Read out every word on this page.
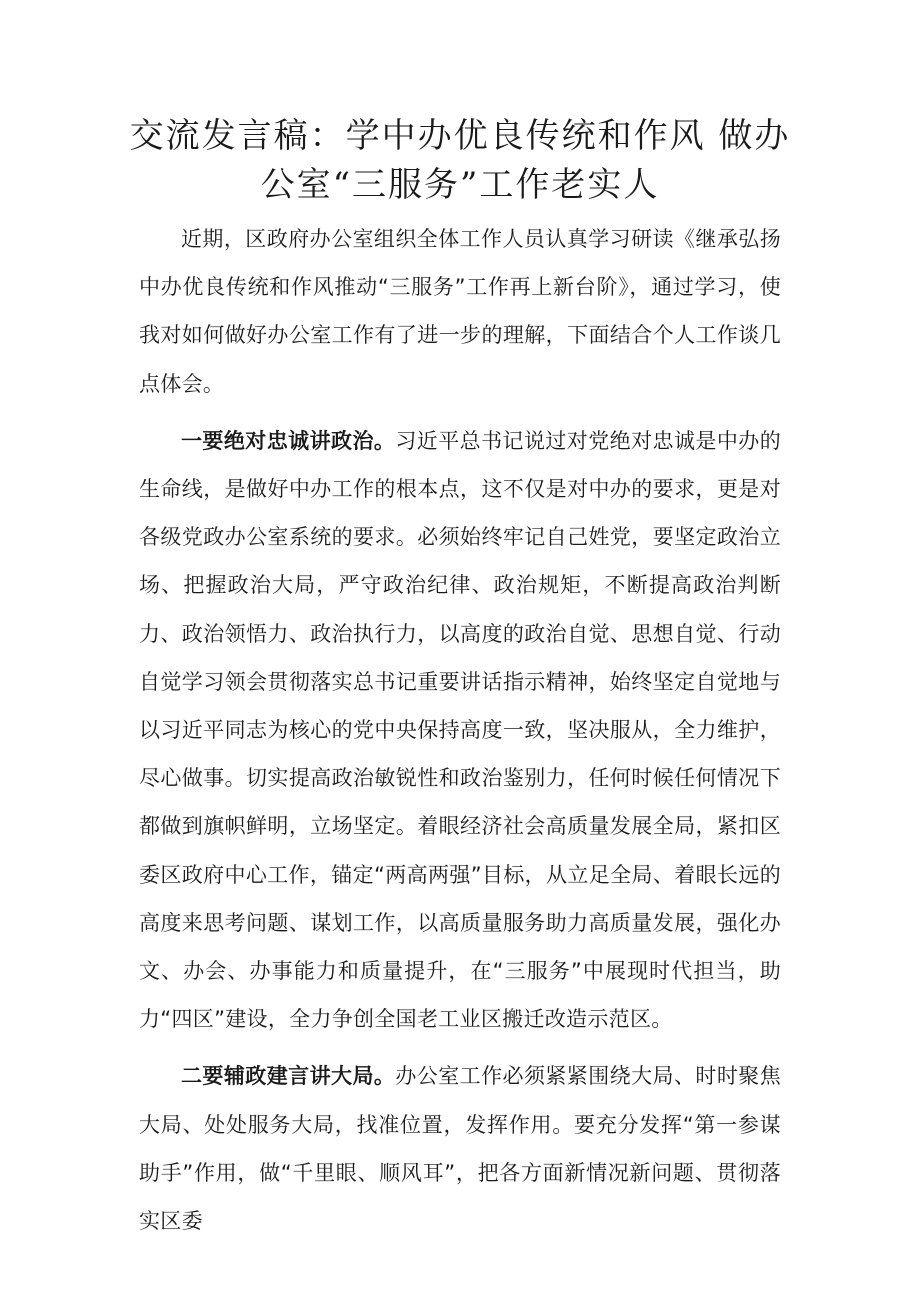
交流发言稿：学中办优良传统和作风 做办
公室“三服务”工作老实人

近期，区政府办公室组织全体工作人员认真学习研读《继承弘扬中办优良传统和作风推动“三服务”工作再上新台阶》，通过学习，使我对如何做好办公室工作有了进一步的理解，下面结合个人工作谈几点体会。

一要绝对忠诚讲政治。习近平总书记说过对党绝对忠诚是中办的生命线，是做好中办工作的根本点，这不仅是对中办的要求，更是对各级党政办公室系统的要求。必须始终牢记自己姓党，要坚定政治立场、把握政治大局，严守政治纪律、政治规矩，不断提高政治判断力、政治领悟力、政治执行力，以高度的政治自觉、思想自觉、行动自觉学习领会贯彻落实总书记重要讲话指示精神，始终坚定自觉地与以习近平同志为核心的党中央保持高度一致，坚决服从，全力维护，尽心做事。切实提高政治敏锐性和政治鉴别力，任何时候任何情况下都做到旗帜鲜明，立场坚定。着眼经济社会高质量发展全局，紧扣区委区政府中心工作，锚定“两高两强”目标，从立足全局、着眼长远的高度来思考问题、谋划工作，以高质量服务助力高质量发展，强化办文、办会、办事能力和质量提升，在“三服务”中展现时代担当，助力“四区”建设，全力争创全国老工业区搬迁改造示范区。

二要辅政建言讲大局。办公室工作必须紧紧围绕大局、时时聚焦大局、处处服务大局，找准位置，发挥作用。要充分发挥“第一参谋助手”作用，做“千里眼、顺风耳”，把各方面新情况新问题、贯彻落实区委
